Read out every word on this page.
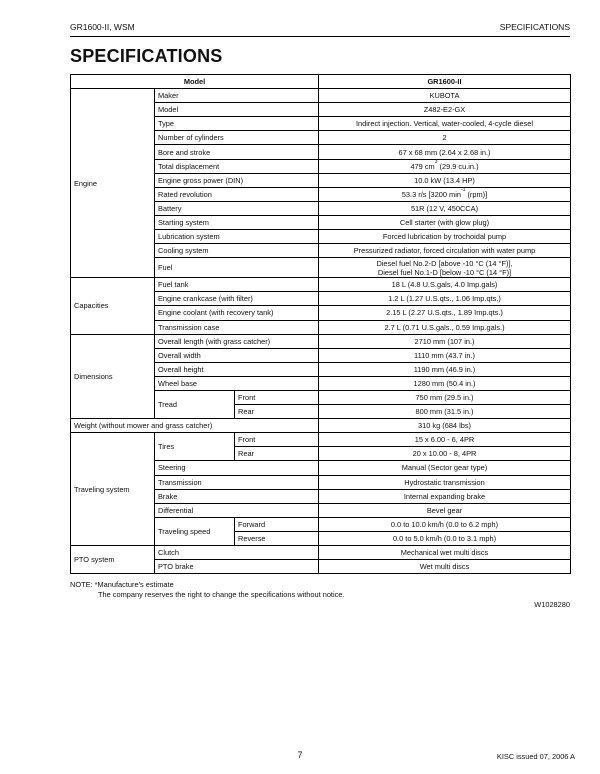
GR1600-II, WSM	SPECIFICATIONS
SPECIFICATIONS
Model			GR1600-II
Engine	Maker		KUBOTA
	Model		Z482-E2-GX
	Type		Indirect injection. Vertical, water-cooled, 4-cycle diesel
	Number of cylinders		2
	Bore and stroke		67 x 68 mm (2.64 x 2.68 in.)
	Total displacement		479 $cm^3$ (29.9 cu.in.)
	Engine gross power (DIN)		10.0 kW (13.4 HP)
	Rated revolution		53.3 r/s [3200 $\min^{-1} (rpm)$]
	Battery		51R (12 V, 450CCA)
	Starting system		Cell starter (with glow plug)
	Lubrication system		Forced lubrication by trochoidal pump
	Cooling system		Pressurized radiator, forced circulation with water pump
	Fuel		Diesel fuel No.2-D [above -10 °C (14 °F)],
Diesel fuel No.1-D [below -10 °C (14 °F)]

Capacities	Fuel tank		18 L (4.8 U.S.gals, 4.0 Imp.gals)
	Engine crankcase (with filter)		1.2 L (1.27 U.S.qts., 1.06 Imp.qts.)
	Engine coolant (with recovery tank)		2.15 L (2.27 U.S.qts., 1.89 Imp.qts.)
	Transmission case		2.7 L (0.71 U.S.gals., 0.59 Imp.gals.)
Dimensions	Overall length (with grass catcher)		2710 mm (107 in.)
	Overall width		1110 mm (43.7 in.)
	Overall height		1190 mm (46.9 in.)
	Wheel base		1280 mm (50.4 in.)
	Tread	Front	750 mm (29.5 in.)
		Rear	800 mm (31.5 in.)
Weight (without mower and grass catcher)			310 kg (684 lbs)
Traveling system	Tires	Front	15 x 6.00 - 6, 4PR
		Rear	20 x 10.00 - 8, 4PR
	Steering		Manual (Sector gear type)
	Transmission		Hydrostatic transmission
	Brake		Internal expanding brake
	Differential		Bevel gear
	Traveling speed	Forward	0.0 to 10.0 km/h (0.0 to 6.2 mph)
		Reverse	0.0 to 5.0 km/h (0.0 to 3.1 mph)
PTO system	Clutch		Mechanical wet multi discs
	PTO brake		Wet multi discs
NOTE: *Manufacture's estimate
The company reserves the right to change the specifications without notice.
W1028280
7	KISC issued 07, 2006 A
